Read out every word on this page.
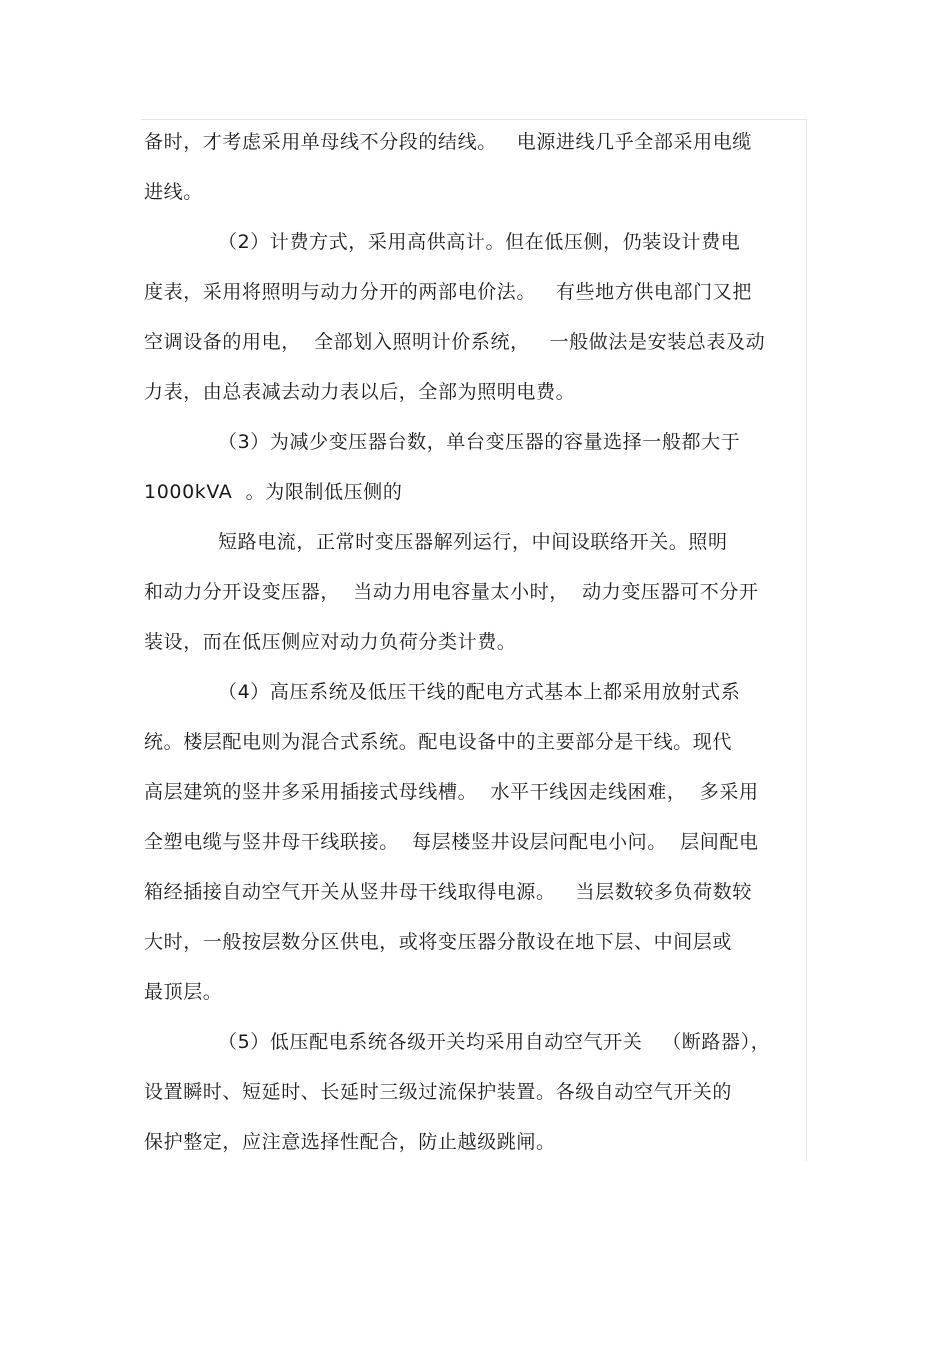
备时，才考虑采用单母线不分段的结线。   电源进线几乎全部采用电缆
进线。
（2）计费方式，采用高供高计。但在低压侧，仍装设计费电
度表，采用将照明与动力分开的两部电价法。   有些地方供电部门又把
空调设备的用电，  全部划入照明计价系统，   一般做法是安装总表及动
力表，由总表减去动力表以后，全部为照明电费。
（3）为减少变压器台数，单台变压器的容量选择一般都大于
1000kVA  。为限制低压侧的
短路电流，正常时变压器解列运行，中间设联络开关。照明
和动力分开设变压器，  当动力用电容量太小时，  动力变压器可不分开
装设，而在低压侧应对动力负荷分类计费。
（4）高压系统及低压干线的配电方式基本上都采用放射式系
统。楼层配电则为混合式系统。配电设备中的主要部分是干线。现代
高层建筑的竖井多采用插接式母线槽。  水平干线因走线困难，  多采用
全塑电缆与竖井母干线联接。  每层楼竖井设层问配电小问。  层间配电
箱经插接自动空气开关从竖井母干线取得电源。   当层数较多负荷数较
大时，一般按层数分区供电，或将变压器分散设在地下层、中间层或
最顶层。
（5）低压配电系统各级开关均采用自动空气开关   （断路器），
设置瞬时、短延时、长延时三级过流保护装置。各级自动空气开关的
保护整定，应注意选择性配合，防止越级跳闸。
